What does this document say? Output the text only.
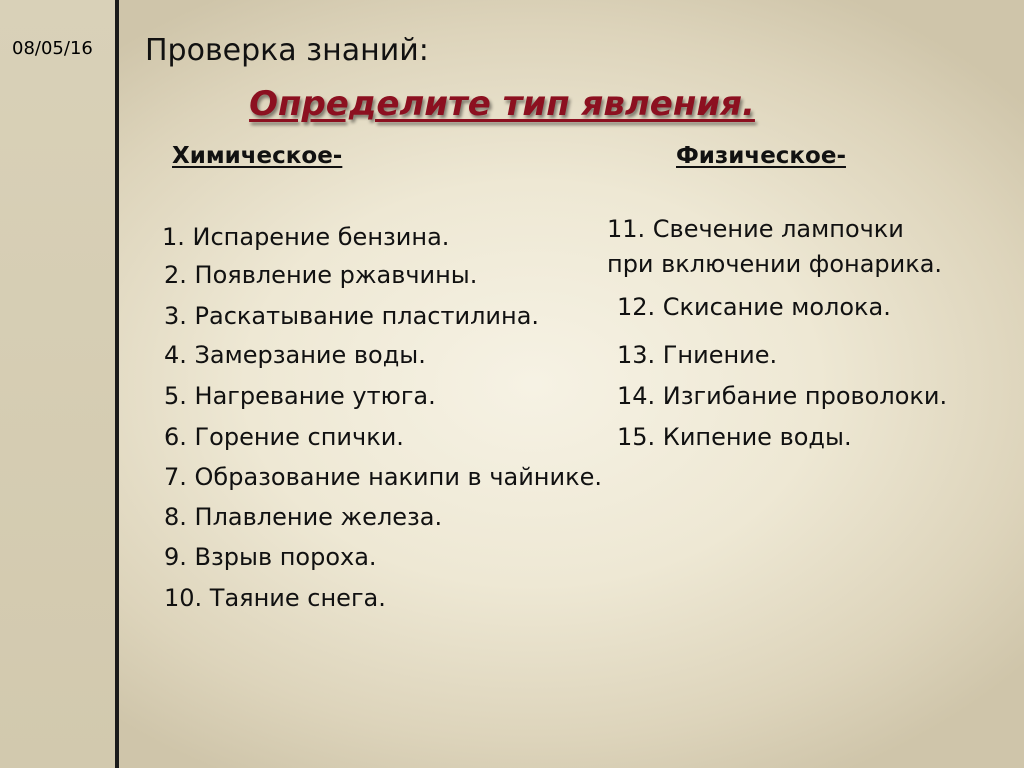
08/05/16 Проверка знаний:
Определите тип явления.
Химическое-	Физическое-
1. Испарение бензина.
2. Появление ржавчины.
3. Раскатывание пластилина.
4. Замерзание воды.
5. Нагревание утюга.
6. Горение спички.
7. Образование накипи в чайнике.
8. Плавление железа.
9. Взрыв пороха.
10. Таяние снега.
11. Свечение лампочки
при включении фонарика.
12. Скисание молока.
13. Гниение.
14. Изгибание проволоки.
15. Кипение воды.
